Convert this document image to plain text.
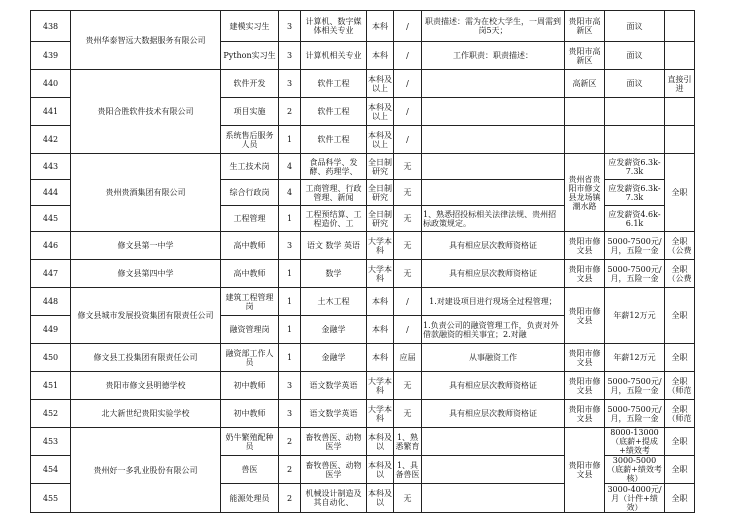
438	贵州华泰智远大数据服务有限公司	建模实习生	3	计算机、数字媒体相关专业	本科	/	职责描述：需为在校大学生，一周需到岗5天；	贵阳市高新区	面议	
439		Python实习生	3	计算机相关专业	本科	/	工作职责：职责描述：	贵阳市高新区	面议	
440	贵阳合胜软件技术有限公司	软件开发	3	软件工程	本科及以上	/		高新区	面议	直接引进
441		项目实施	2	软件工程	本科及以上	/				
442		系统售后服务人员	1	软件工程	本科及以上	/				
443	贵州贵酒集团有限公司	生工技术岗	4	食品科学、发酵、药理学、	全日制研究	无		贵州省贵阳市修文县龙场镇潮水路	应发薪资6.3k-7.3k	全职
444		综合行政岗	4	工商管理、行政管理、新闻	全日制研究	无			应发薪资6.3k-7.3k	
445		工程管理	1	工程预结算、工程造价、工	全日制研究	无	1、熟悉招投标相关法律法规、贵州招标政策规定。		应发薪资4.6k-6.1k	
446	修文县第一中学	高中教师	3	语文 数学 英语	大学本科	无	具有相应层次教师资格证	贵阳市修文县	5000-7500元/月，五险一金	全职（公费
447	修文县第四中学	高中教师	1	数学	大学本科	无	具有相应层次教师资格证	贵阳市修文县	5000-7500元/月，五险一金	全职（公费
448	修文县城市发展投资集团有限责任公司	建筑工程管理岗	1	土木工程	本科	/	1.对建设项目进行现场全过程管理；	贵阳市修文县	年薪12万元	全职
449		融资管理岗	1	金融学	本科	/	1.负责公司的融资管理工作，负责对外借款融资的相关事宜；2.对融			
450	修文县工投集团有限责任公司	融资部工作人员	1	金融学	本科	应届	从事融资工作	贵阳市修文县	年薪12万元	全职
451	贵阳市修文县明德学校	初中教师	3	语文数学英语	大学本科	无	具有相应层次教师资格证	贵阳市修文县	5000-7500元/月，五险一金	全职（师范
452	北大新世纪贵阳实验学校	初中教师	3	语文数学英语	大学本科	无	具有相应层次教师资格证	贵阳市修文县	5000-7500元/月，五险一金	全职（师范
453	贵州好一多乳业股份有限公司	奶牛繁殖配种员	2	畜牧兽医、动物医学	本科及以	1、熟悉繁育		贵阳市修文县	8000-13000（底薪+提成+绩效考	全职
454		兽医	2	畜牧兽医、动物医学	本科及以	1、具备兽医			3000-5000（底薪+绩效考核）	全职
455		能源处理员	2	机械设计制造及其自动化、	本科及以	无			3000-4000元/月（计件+绩效）	全职
